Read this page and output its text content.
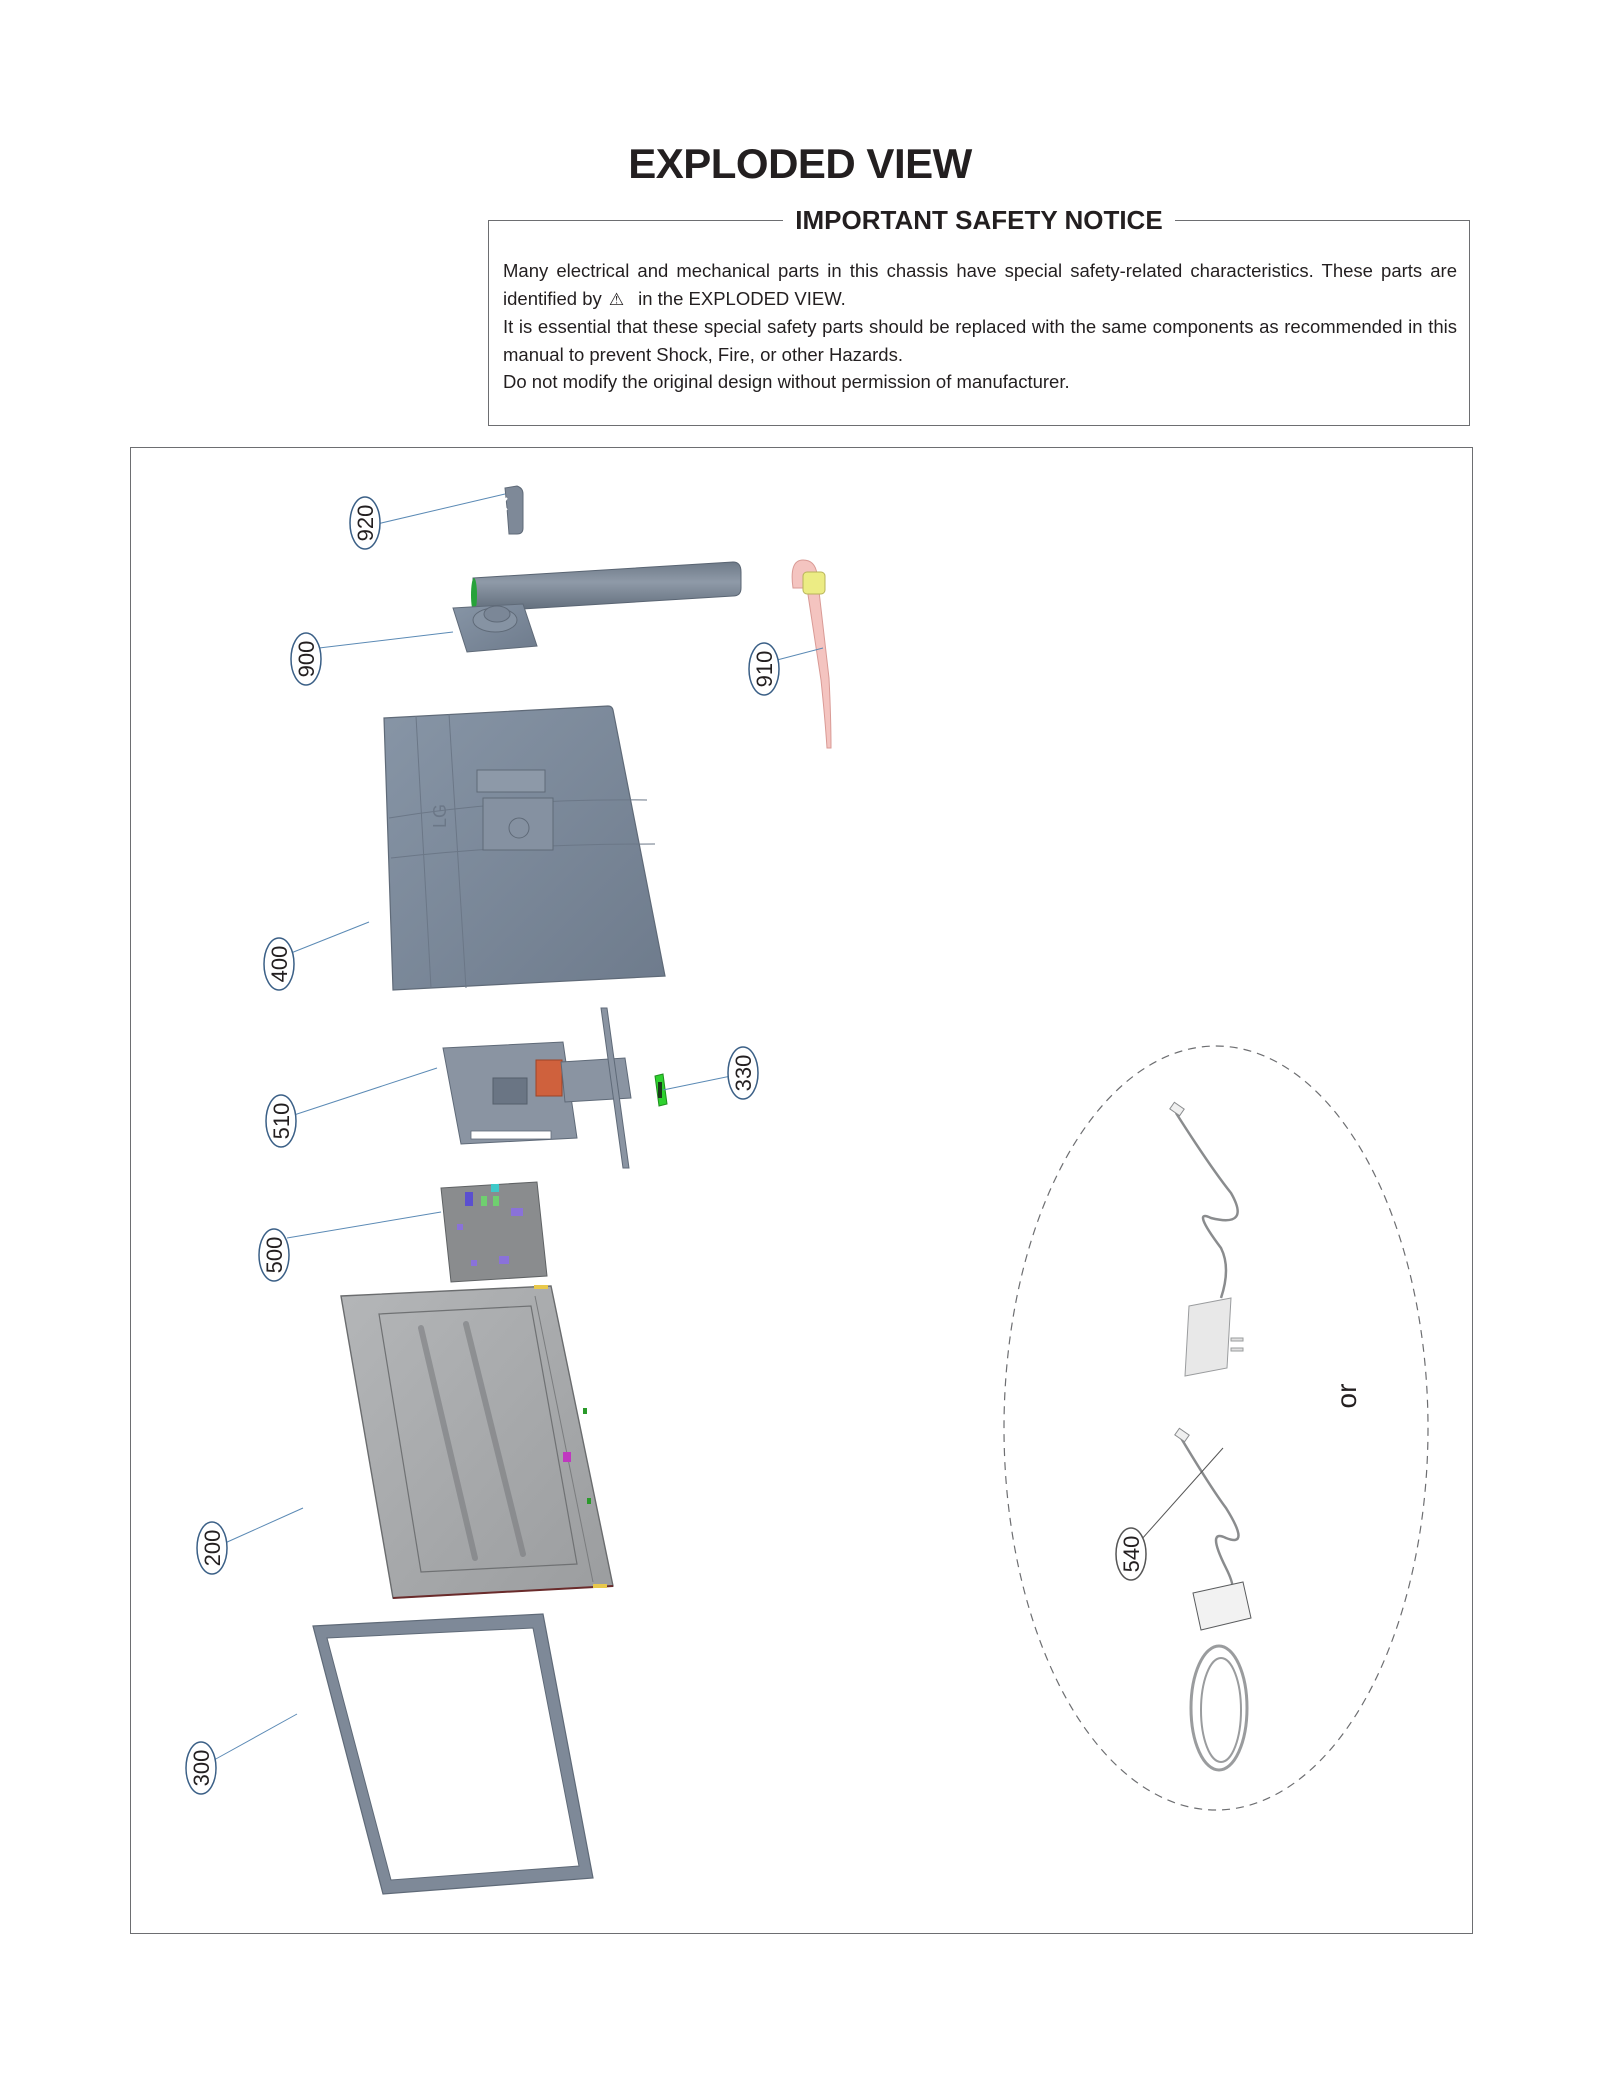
EXPLODED VIEW
IMPORTANT SAFETY NOTICE

Many electrical and mechanical parts in this chassis have special safety-related characteristics. These parts are identified by ⚠ in the EXPLODED VIEW.

It is essential that these special safety parts should be replaced with the same components as recommended in this manual to prevent Shock, Fire, or other Hazards.

Do not modify the original design without permission of manufacturer.

LG
920
900	910
400
510
330
500
200
300
540
or
